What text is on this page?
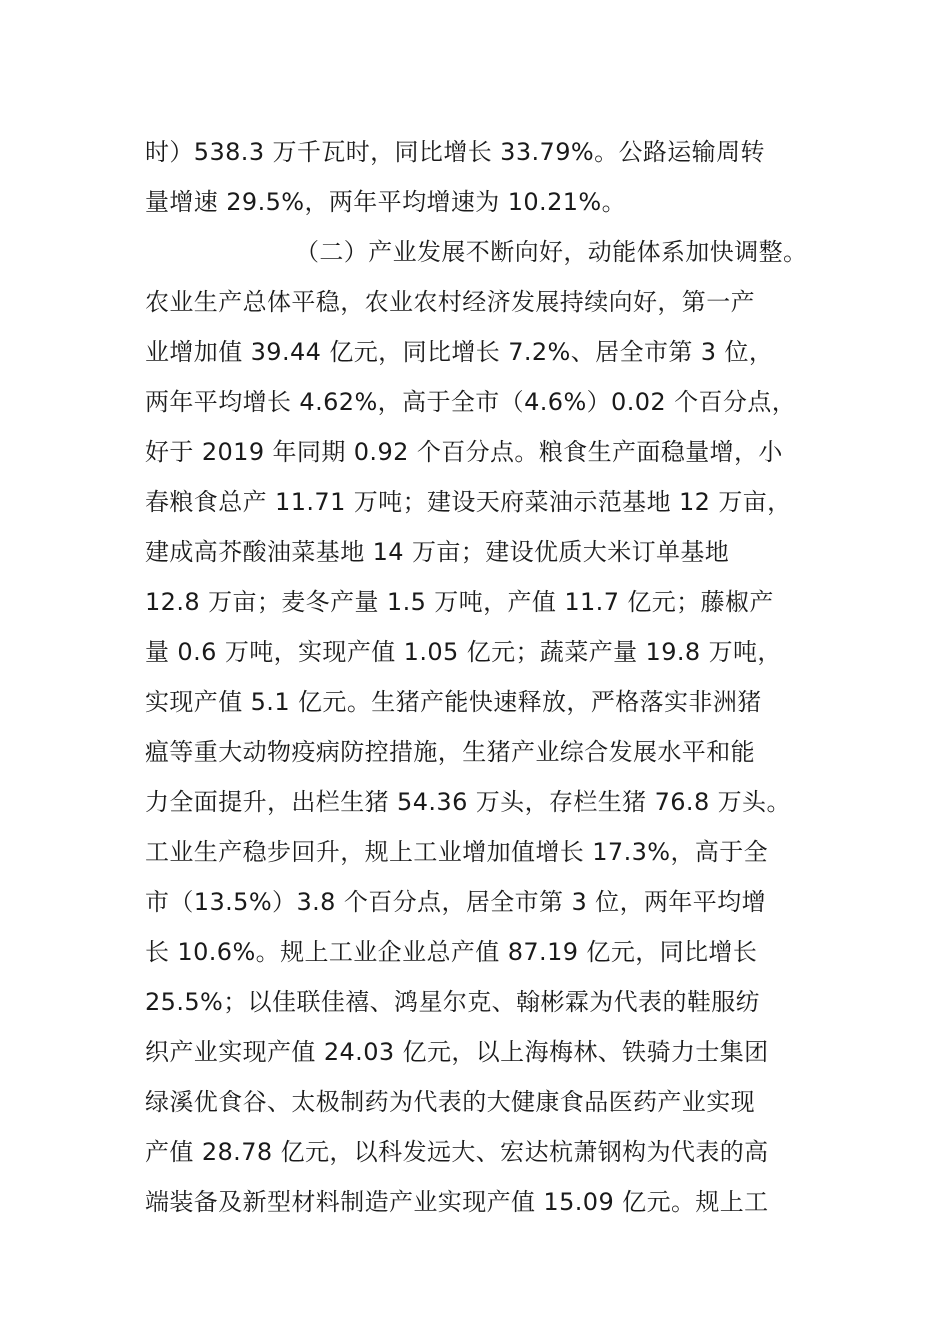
时）538.3 万千瓦时，同比增长 33.79%。公路运输周转
量增速 29.5%，两年平均增速为 10.21%。
（二）产业发展不断向好，动能体系加快调整。
农业生产总体平稳，农业农村经济发展持续向好，第一产
业增加值 39.44 亿元，同比增长 7.2%、居全市第 3 位，
两年平均增长 4.62%，高于全市（4.6%）0.02 个百分点，
好于 2019 年同期 0.92 个百分点。粮食生产面稳量增，小
春粮食总产 11.71 万吨；建设天府菜油示范基地 12 万亩，
建成高芥酸油菜基地 14 万亩；建设优质大米订单基地
12.8 万亩；麦冬产量 1.5 万吨，产值 11.7 亿元；藤椒产
量 0.6 万吨，实现产值 1.05 亿元；蔬菜产量 19.8 万吨，
实现产值 5.1 亿元。生猪产能快速释放，严格落实非洲猪
瘟等重大动物疫病防控措施，生猪产业综合发展水平和能
力全面提升，出栏生猪 54.36 万头，存栏生猪 76.8 万头。
工业生产稳步回升，规上工业增加值增长 17.3%，高于全
市（13.5%）3.8 个百分点，居全市第 3 位，两年平均增
长 10.6%。规上工业企业总产值 87.19 亿元，同比增长
25.5%；以佳联佳禧、鸿星尔克、翰彬霖为代表的鞋服纺
织产业实现产值 24.03 亿元，以上海梅林、铁骑力士集团
绿溪优食谷、太极制药为代表的大健康食品医药产业实现
产值 28.78 亿元，以科发远大、宏达杭萧钢构为代表的高
端装备及新型材料制造产业实现产值 15.09 亿元。规上工
